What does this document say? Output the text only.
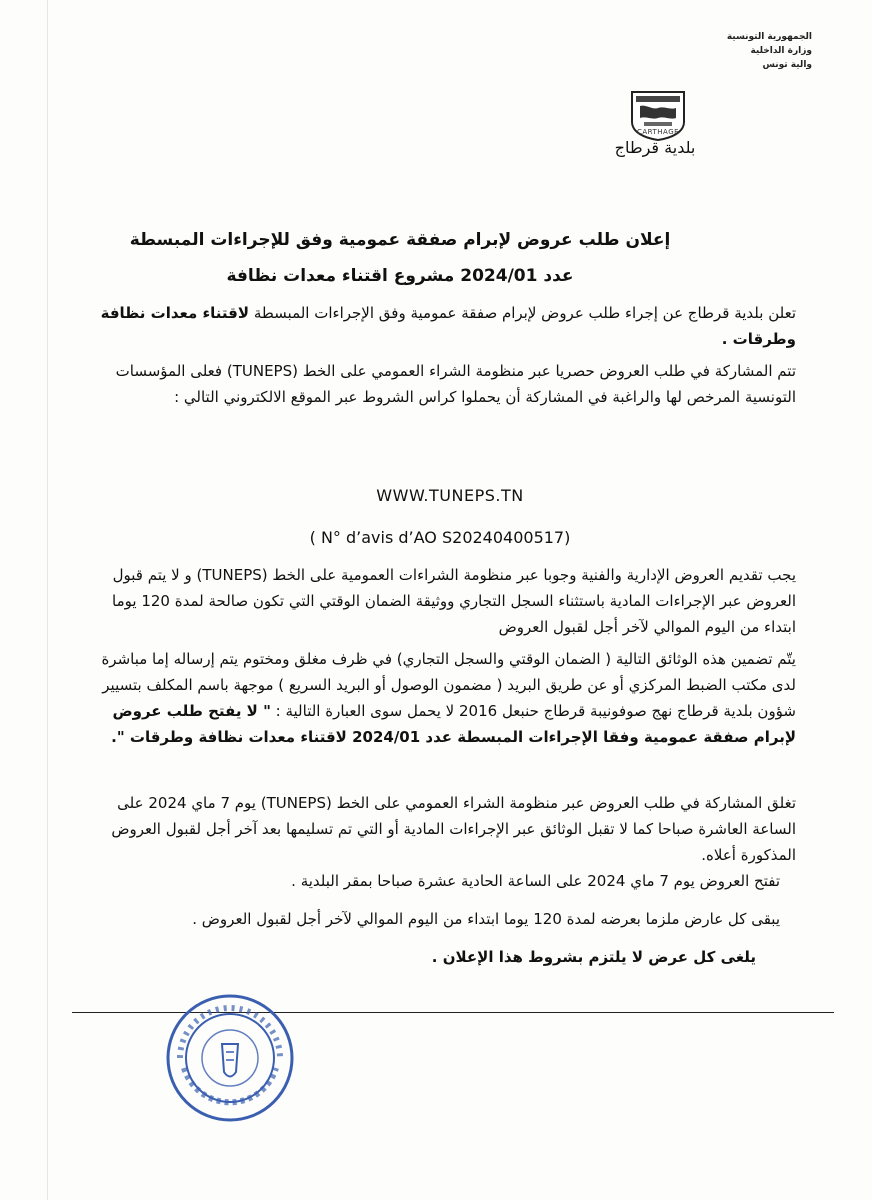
الجمهورية التونسية
وزارة الداخلية
والية تونس
CARTHAGE
بلدية قرطاج
إعلان طلب عروض لإبرام صفقة عمومية وفق للإجراءات المبسطة
عدد 2024/01 مشروع اقتناء معدات نظافة
تعلن بلدية قرطاج عن إجراء طلب عروض لإبرام صفقة عمومية وفق الإجراءات المبسطة لاقتناء معدات نظافة وطرقات .
تتم المشاركة في طلب العروض حصريا عبر منظومة الشراء العمومي على الخط (TUNEPS) فعلى المؤسسات التونسية المرخص لها والراغبة في المشاركة أن يحملوا كراس الشروط عبر الموقع الالكتروني التالي :
WWW.TUNEPS.TN
( N° d’avis d’AO S20240400517)
يجب تقديم العروض الإدارية والفنية وجوبا عبر منظومة الشراءات العمومية على الخط (TUNEPS) و لا يتم قبول العروض عبر الإجراءات المادية باستثناء السجل التجاري ووثيقة الضمان الوقتي التي تكون صالحة لمدة 120 يوما ابتداء من اليوم الموالي لآخر أجل لقبول العروض
يتّم تضمين هذه الوثائق التالية ( الضمان الوقتي والسجل التجاري) في ظرف مغلق ومختوم يتم إرساله إما مباشرة لدى مكتب الضبط المركزي أو عن طريق البريد ( مضمون الوصول أو البريد السريع ) موجهة باسم المكلف بتسيير شؤون بلدية قرطاج نهج صوفونيبة قرطاج حنبعل 2016 لا يحمل سوى العبارة التالية : " لا يفتح طلب عروض لإبرام صفقة عمومية وفقا الإجراءات المبسطة عدد 2024/01 لاقتناء معدات نظافة وطرقات ".
تغلق المشاركة في طلب العروض عبر منظومة الشراء العمومي على الخط (TUNEPS) يوم 7 ماي 2024 على الساعة العاشرة صباحا كما لا تقبل الوثائق عبر الإجراءات المادية أو التي تم تسليمها بعد آخر أجل لقبول العروض المذكورة أعلاه.
تفتح العروض يوم 7 ماي 2024 على الساعة الحادية عشرة صباحا بمقر البلدية .
يبقى كل عارض ملزما بعرضه لمدة 120 يوما ابتداء من اليوم الموالي لآخر أجل لقبول العروض .
يلغى كل عرض لا يلتزم بشروط هذا الإعلان .
